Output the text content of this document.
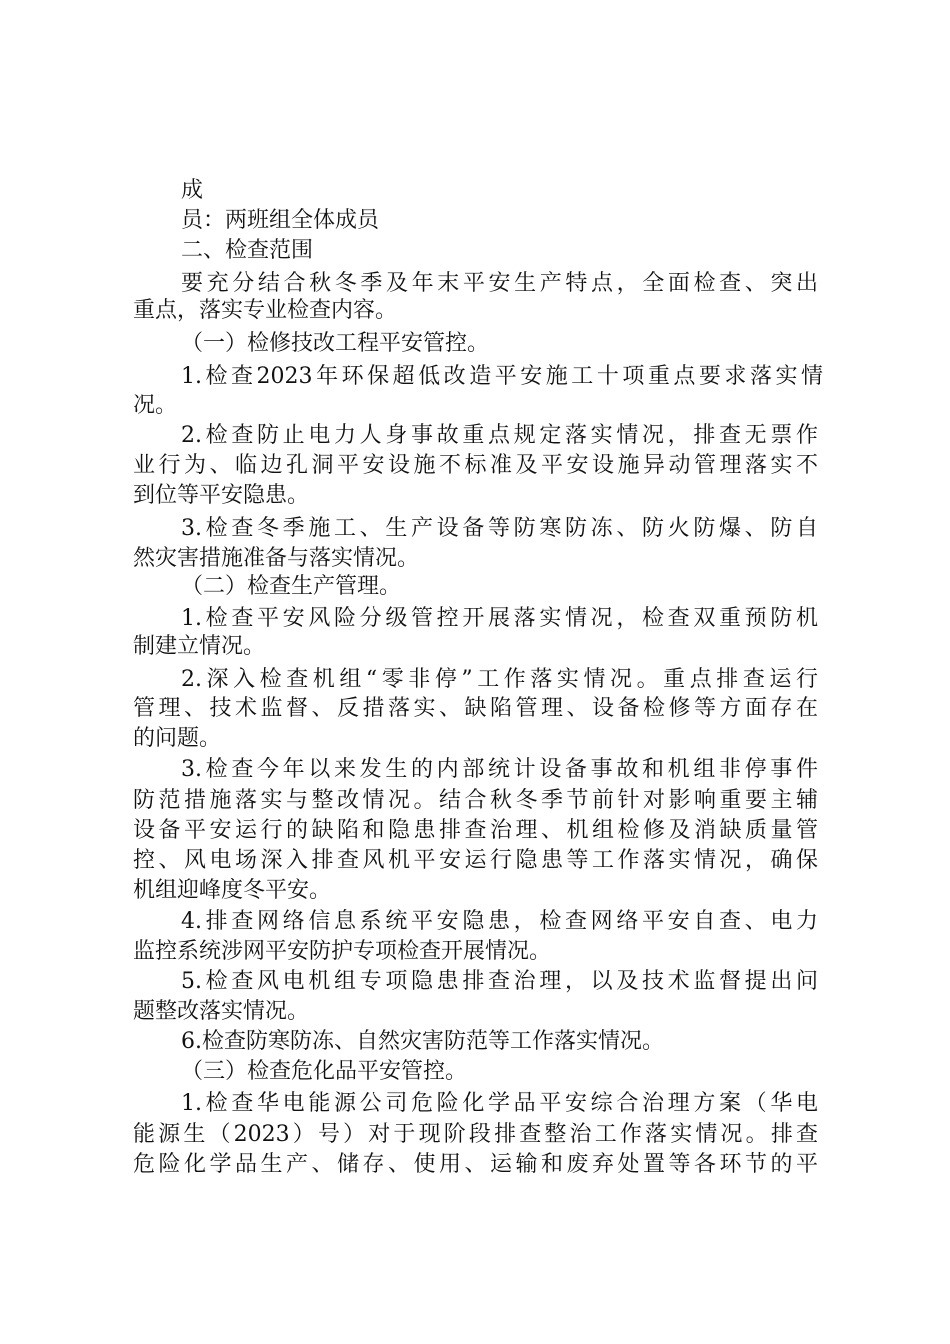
成
员：两班组全体成员
二、检查范围
要充分结合秋冬季及年末平安生产特点，全面检查、突出
重点，落实专业检查内容。
（一）检修技改工程平安管控。
1.检查2023年环保超低改造平安施工十项重点要求落实情
况。
2.检查防止电力人身事故重点规定落实情况，排查无票作
业行为、临边孔洞平安设施不标准及平安设施异动管理落实不
到位等平安隐患。
3.检查冬季施工、生产设备等防寒防冻、防火防爆、防自
然灾害措施准备与落实情况。
（二）检查生产管理。
1.检查平安风险分级管控开展落实情况，检查双重预防机
制建立情况。
2.深入检查机组“零非停”工作落实情况。重点排查运行
管理、技术监督、反措落实、缺陷管理、设备检修等方面存在
的问题。
3.检查今年以来发生的内部统计设备事故和机组非停事件
防范措施落实与整改情况。结合秋冬季节前针对影响重要主辅
设备平安运行的缺陷和隐患排查治理、机组检修及消缺质量管
控、风电场深入排查风机平安运行隐患等工作落实情况，确保
机组迎峰度冬平安。
4.排查网络信息系统平安隐患，检查网络平安自查、电力
监控系统涉网平安防护专项检查开展情况。
5.检查风电机组专项隐患排查治理，以及技术监督提出问
题整改落实情况。
6.检查防寒防冻、自然灾害防范等工作落实情况。
（三）检查危化品平安管控。
1.检查华电能源公司危险化学品平安综合治理方案（华电
能源生（2023）号）对于现阶段排查整治工作落实情况。排查
危险化学品生产、储存、使用、运输和废弃处置等各环节的平
